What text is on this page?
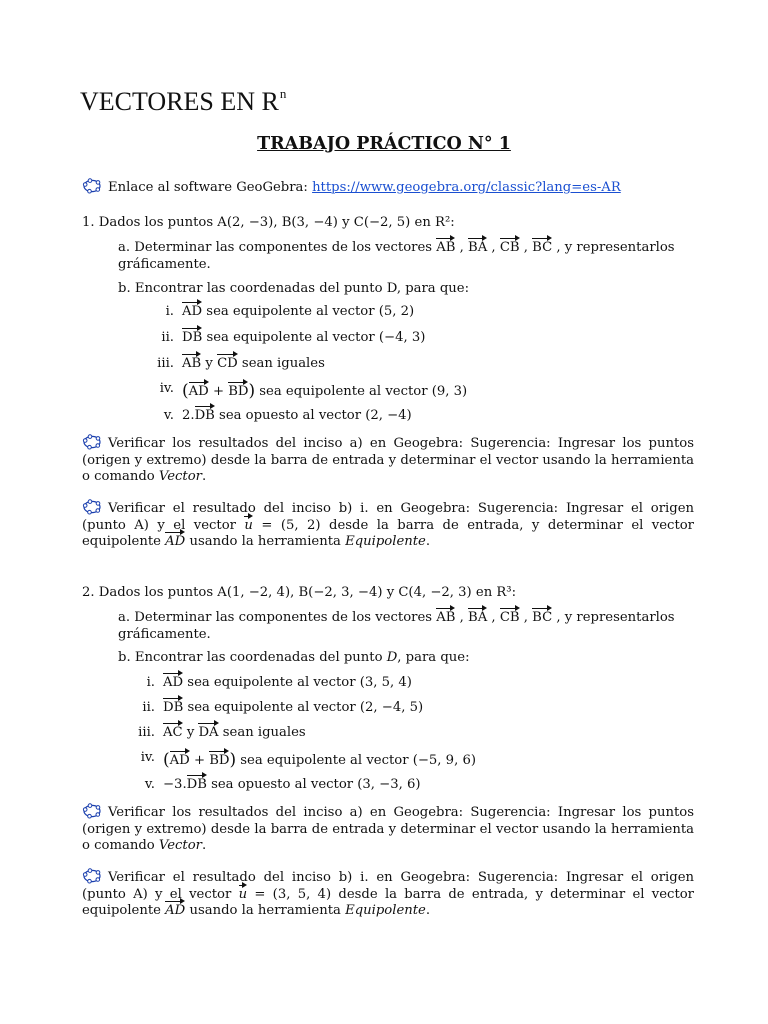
VECTORES EN $R^n$
TRABAJO PRÁCTICO N° 1
Enlace al software GeoGebra: https://www.geogebra.org/classic?lang=es-AR
1. Dados los puntos A(2, −3), B(3, −4) y C(−2, 5) en R²:
a. Determinar las componentes de los vectores AB , BA , CB , BC , y representarlos
gráficamente.
b. Encontrar las coordenadas del punto D, para que:
i. AD sea equipolente al vector (5, 2)
ii. DB sea equipolente al vector (−4, 3)
iii. AB y CD sean iguales
iv. (AD + BD) sea equipolente al vector (9, 3)
v. 2.DB sea opuesto al vector (2, −4)
Verificar los resultados del inciso a) en Geogebra: Sugerencia: Ingresar los puntos (origen y extremo) desde la barra de entrada y determinar el vector usando la herramienta o comando Vector.
Verificar el resultado del inciso b) i. en Geogebra: Sugerencia: Ingresar el origen (punto A) y el vector u = (5, 2) desde la barra de entrada, y determinar el vector equipolente AD usando la herramienta Equipolente.
2. Dados los puntos A(1, −2, 4), B(−2, 3, −4) y C(4, −2, 3) en R³:
a. Determinar las componentes de los vectores AB , BA , CB , BC , y representarlos
gráficamente.
b. Encontrar las coordenadas del punto D, para que:
i. AD sea equipolente al vector (3, 5, 4)
ii. DB sea equipolente al vector (2, −4, 5)
iii. AC y DA sean iguales
iv. (AD + BD) sea equipolente al vector (−5, 9, 6)
v. −3.DB sea opuesto al vector (3, −3, 6)
Verificar los resultados del inciso a) en Geogebra: Sugerencia: Ingresar los puntos (origen y extremo) desde la barra de entrada y determinar el vector usando la herramienta o comando Vector.
Verificar el resultado del inciso b) i. en Geogebra: Sugerencia: Ingresar el origen (punto A) y el vector u = (3, 5, 4) desde la barra de entrada, y determinar el vector equipolente AD usando la herramienta Equipolente.
